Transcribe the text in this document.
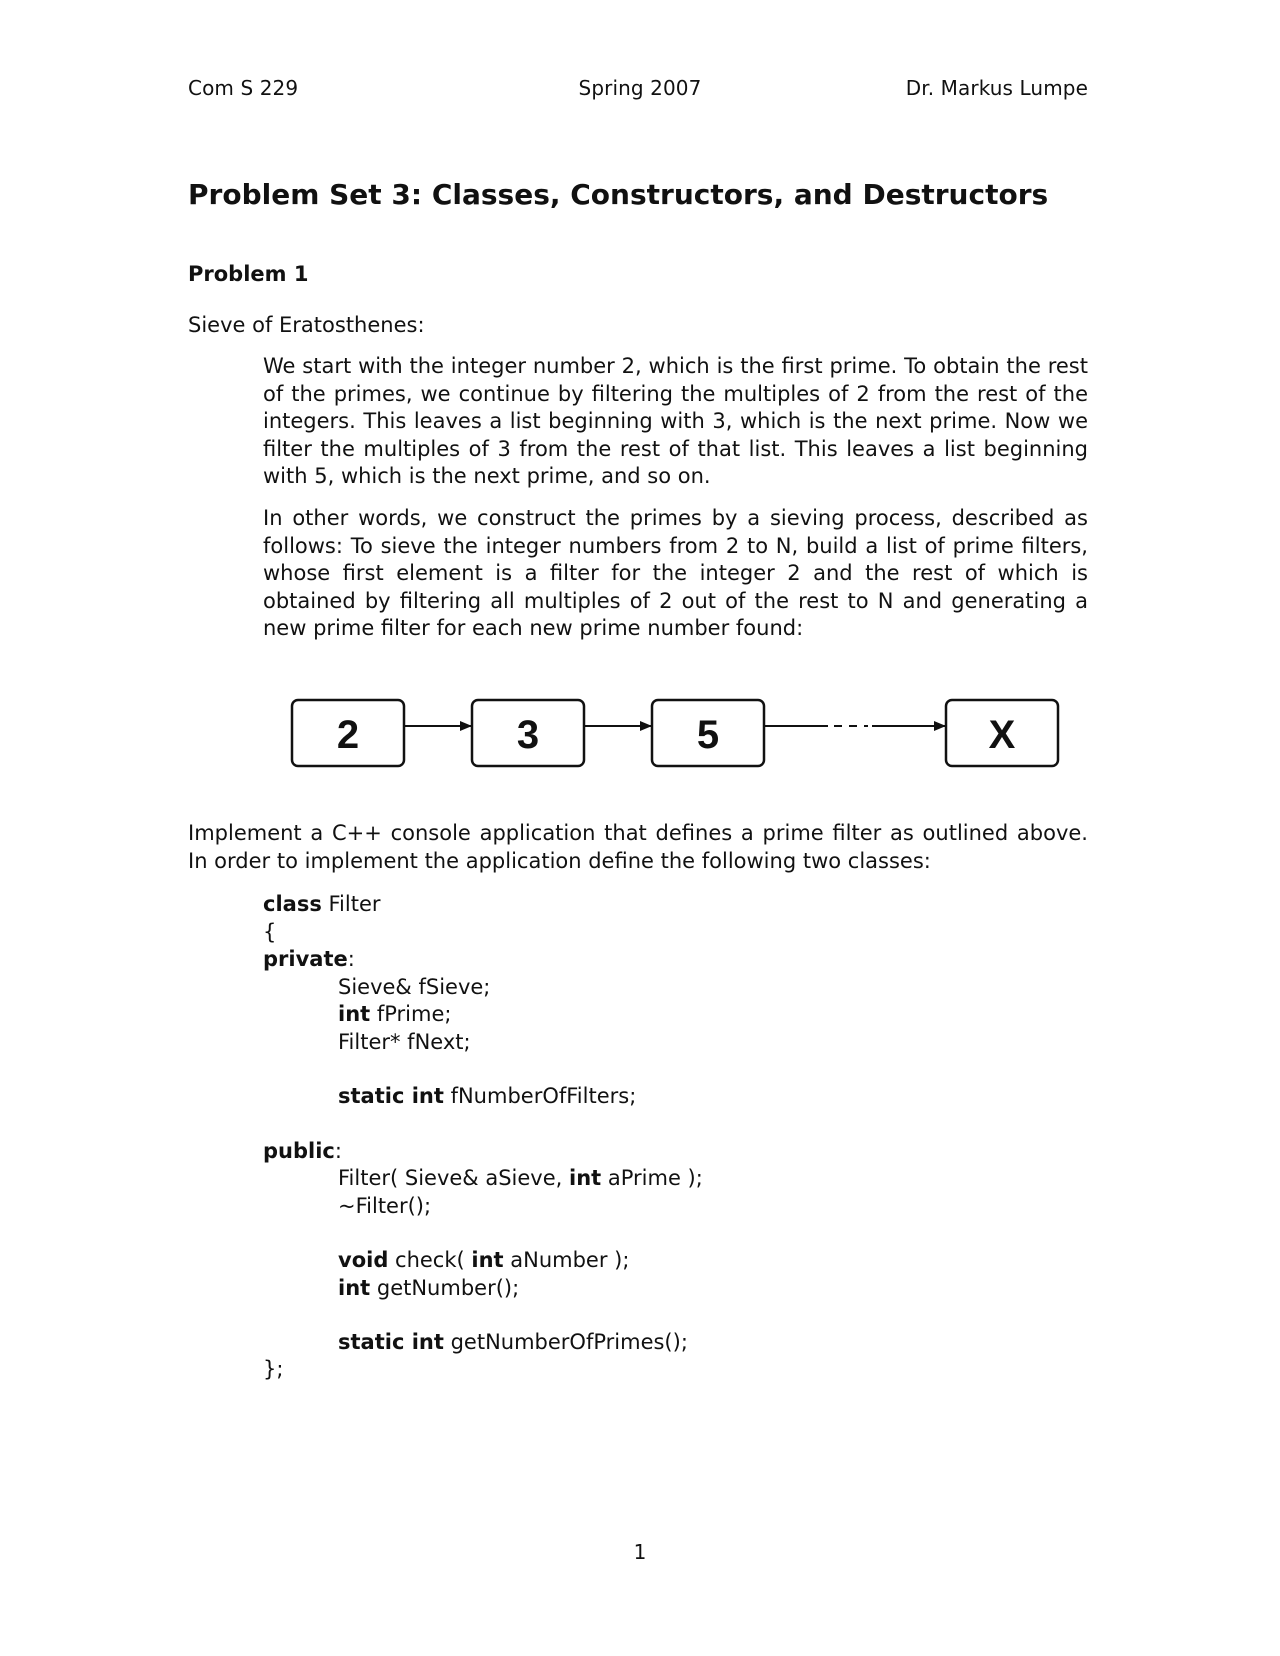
Com S 229	Spring 2007	Dr. Markus Lumpe
Problem Set 3: Classes, Constructors, and Destructors
Problem 1
Sieve of Eratosthenes:
We start with the integer number 2, which is the first prime. To obtain the rest of the primes, we continue by filtering the multiples of 2 from the rest of the integers. This leaves a list beginning with 3, which is the next prime. Now we filter the multiples of 3 from the rest of that list. This leaves a list beginning with 5, which is the next prime, and so on.
In other words, we construct the primes by a sieving process, described as follows: To sieve the integer numbers from 2 to N, build a list of prime filters, whose first element is a filter for the integer 2 and the rest of which is obtained by filtering all multiples of 2 out of the rest to N and generating a new prime filter for each new prime number found:
2	3	5	X
Implement a C++ console application that defines a prime filter as outlined above. In order to implement the application define the following two classes:
class Filter
{
private:
Sieve& fSieve;
int fPrime;
Filter* fNext;
static int fNumberOfFilters;
public:
Filter( Sieve& aSieve, int aPrime );
~Filter();
void check( int aNumber );
int getNumber();
static int getNumberOfPrimes();
};
1
